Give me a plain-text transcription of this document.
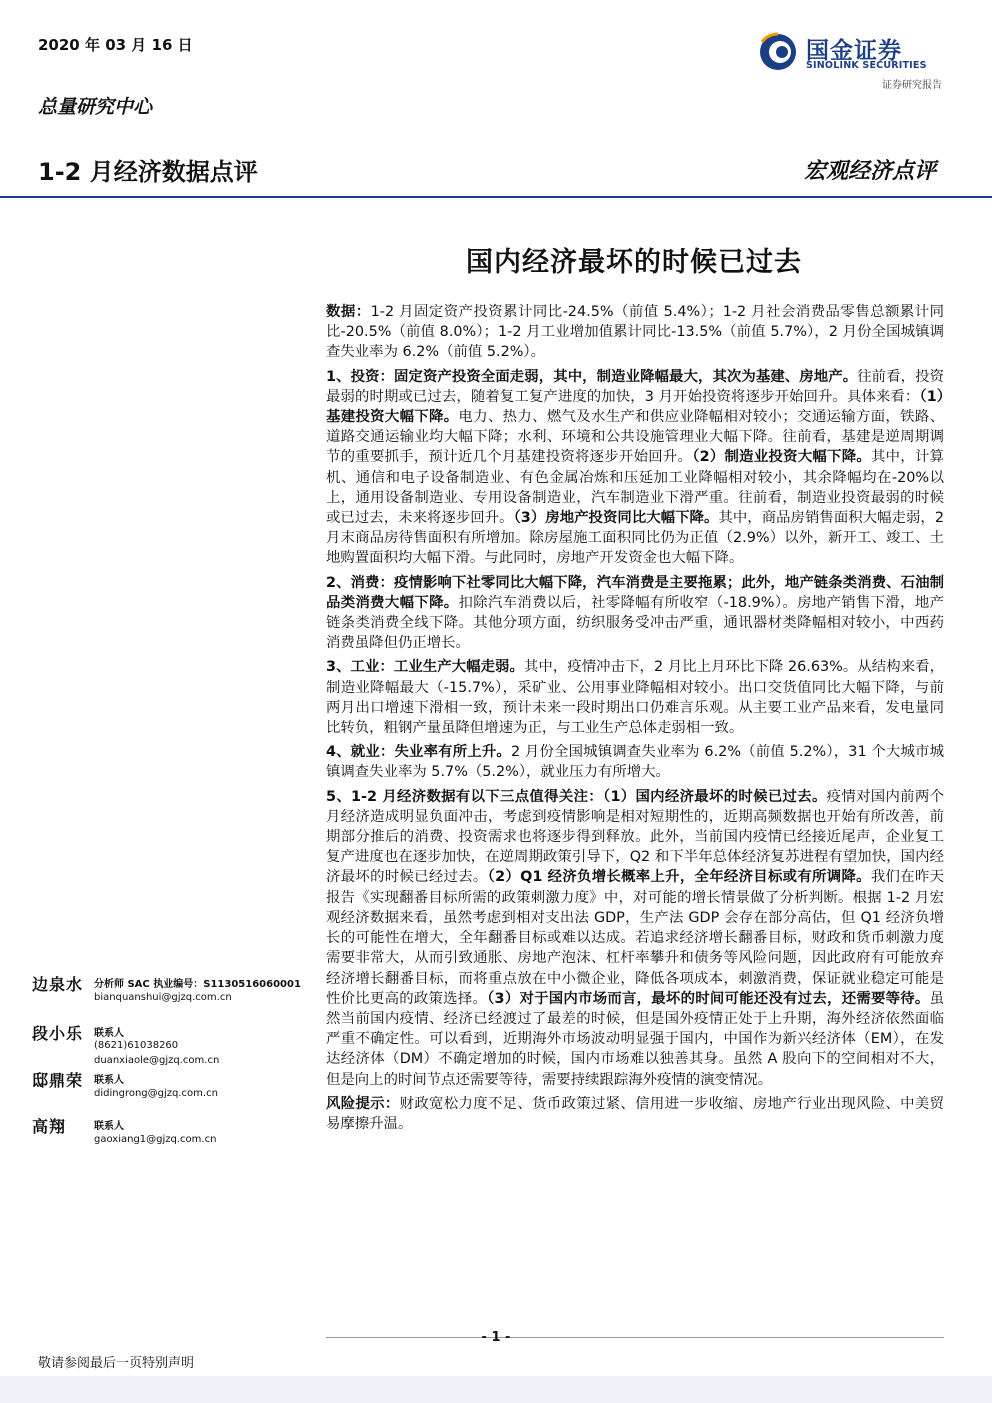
2020 年 03 月 16 日
总量研究中心
国金证券
SINOLINK SECURITIES
证券研究报告
1-2 月经济数据点评	宏观经济点评
国内经济最坏的时候已过去

数据：1-2 月固定资产投资累计同比-24.5%（前值 5.4%）；1-2 月社会消费品零售总额累计同比-20.5%（前值 8.0%）；1-2 月工业增加值累计同比-13.5%（前值 5.7%），2 月份全国城镇调查失业率为 6.2%（前值 5.2%）。

1、投资：固定资产投资全面走弱，其中，制造业降幅最大，其次为基建、房地产。往前看，投资最弱的时期或已过去，随着复工复产进度的加快，3 月开始投资将逐步开始回升。具体来看：（1）基建投资大幅下降。电力、热力、燃气及水生产和供应业降幅相对较小；交通运输方面，铁路、道路交通运输业均大幅下降；水利、环境和公共设施管理业大幅下降。往前看，基建是逆周期调节的重要抓手，预计近几个月基建投资将逐步开始回升。（2）制造业投资大幅下降。其中，计算机、通信和电子设备制造业、有色金属冶炼和压延加工业降幅相对较小，其余降幅均在-20%以上，通用设备制造业、专用设备制造业，汽车制造业下滑严重。往前看，制造业投资最弱的时候或已过去，未来将逐步回升。（3）房地产投资同比大幅下降。其中，商品房销售面积大幅走弱，2 月末商品房待售面积有所增加。除房屋施工面积同比仍为正值（2.9%）以外，新开工、竣工、土地购置面积均大幅下滑。与此同时，房地产开发资金也大幅下降。

2、消费：疫情影响下社零同比大幅下降，汽车消费是主要拖累；此外，地产链条类消费、石油制品类消费大幅下降。扣除汽车消费以后，社零降幅有所收窄（-18.9%）。房地产销售下滑，地产链条类消费全线下降。其他分项方面，纺织服务受冲击严重，通讯器材类降幅相对较小，中西药消费虽降但仍正增长。

3、工业：工业生产大幅走弱。其中，疫情冲击下，2 月比上月环比下降 26.63%。从结构来看，制造业降幅最大（-15.7%），采矿业、公用事业降幅相对较小。出口交货值同比大幅下降，与前两月出口增速下滑相一致，预计未来一段时期出口仍难言乐观。从主要工业产品来看，发电量同比转负，粗钢产量虽降但增速为正，与工业生产总体走弱相一致。

4、就业：失业率有所上升。2 月份全国城镇调查失业率为 6.2%（前值 5.2%），31 个大城市城镇调查失业率为 5.7%（5.2%），就业压力有所增大。

5、1-2 月经济数据有以下三点值得关注：（1）国内经济最坏的时候已过去。疫情对国内前两个月经济造成明显负面冲击，考虑到疫情影响是相对短期性的，近期高频数据也开始有所改善，前期部分推后的消费、投资需求也将逐步得到释放。此外，当前国内疫情已经接近尾声，企业复工复产进度也在逐步加快，在逆周期政策引导下，Q2 和下半年总体经济复苏进程有望加快，国内经济最坏的时候已经过去。（2）Q1 经济负增长概率上升，全年经济目标或有所调降。我们在昨天报告《实现翻番目标所需的政策刺激力度》中，对可能的增长情景做了分析判断。根据 1-2 月宏观经济数据来看，虽然考虑到相对支出法 GDP，生产法 GDP 会存在部分高估，但 Q1 经济负增长的可能性在增大，全年翻番目标或难以达成。若追求经济增长翻番目标，财政和货币刺激力度需要非常大，从而引致通胀、房地产泡沫、杠杆率攀升和债务等风险问题，因此政府有可能放弃经济增长翻番目标，而将重点放在中小微企业，降低各项成本，刺激消费，保证就业稳定可能是性价比更高的政策选择。（3）对于国内市场而言，最坏的时间可能还没有过去，还需要等待。虽然当前国内疫情、经济已经渡过了最差的时候，但是国外疫情正处于上升期，海外经济依然面临严重不确定性。可以看到，近期海外市场波动明显强于国内，中国作为新兴经济体（EM），在发达经济体（DM）不确定增加的时候，国内市场难以独善其身。虽然 A 股向下的空间相对不大，但是向上的时间节点还需要等待，需要持续跟踪海外疫情的演变情况。

风险提示：财政宽松力度不足、货币政策过紧、信用进一步收缩、房地产行业出现风险、中美贸易摩擦升温。

边泉水 分析师 SAC 执业编号：S1130516060001
bianquanshui@gjzq.com.cn
段小乐 联系人
(8621)61038260
duanxiaole@gjzq.com.cn
邸鼎荣 联系人
didingrong@gjzq.com.cn
高翔	联系人
gaoxiang1@gjzq.com.cn
- 1 -
敬请参阅最后一页特别声明
